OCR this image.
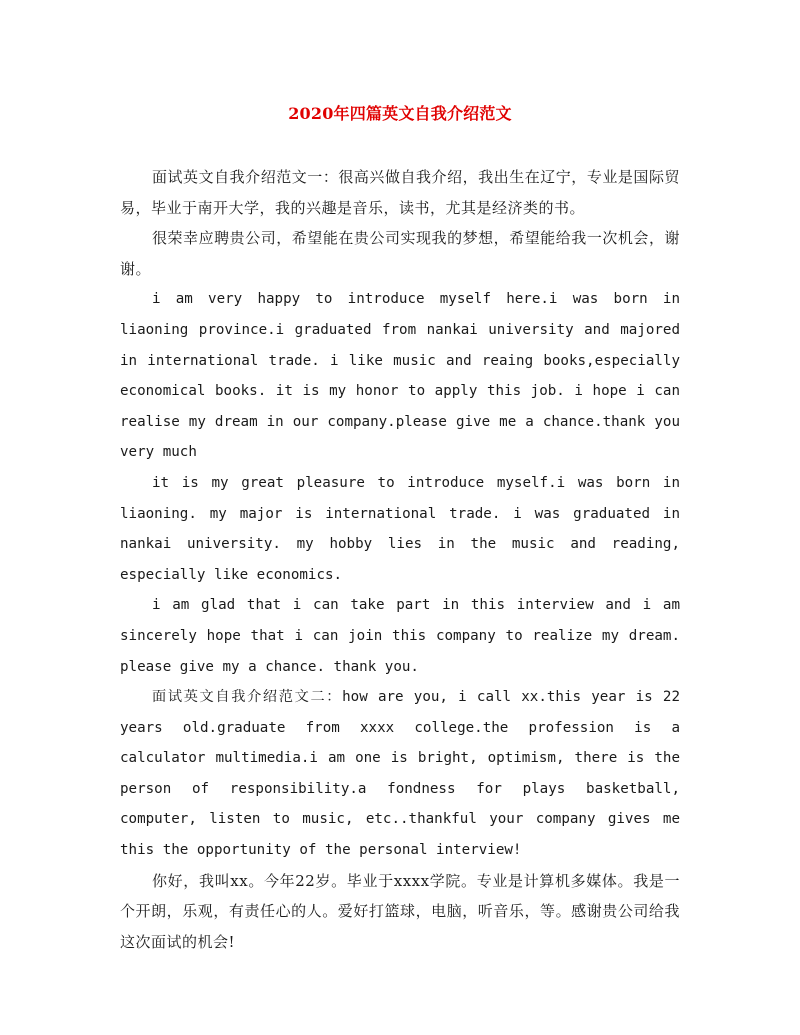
2020年四篇英文自我介绍范文

面试英文自我介绍范文一：很高兴做自我介绍，我出生在辽宁，专业是国际贸易，毕业于南开大学，我的兴趣是音乐，读书，尤其是经济类的书。

很荣幸应聘贵公司，希望能在贵公司实现我的梦想，希望能给我一次机会，谢谢。

i am very happy to introduce myself here.i was born in liaoning province.i graduated from nankai university and majored in international trade. i like music and reaing books,especially economical books. it is my honor to apply this job. i hope i can realise my dream in our company.please give me a chance.thank you very much

it is my great pleasure to introduce myself.i was born in liaoning. my major is international trade. i was graduated in nankai university. my hobby lies in the music and reading, especially like economics.

i am glad that i can take part in this interview and i am sincerely hope that i can join this company to realize my dream. please give my a chance. thank you.

面试英文自我介绍范文二：how are you, i call xx.this year is 22 years old.graduate from xxxx college.the profession is a calculator multimedia.i am one is bright, optimism, there is the person of responsibility.a fondness for plays basketball, computer, listen to music, etc..thankful your company gives me this the opportunity of the personal interview!

你好，我叫xx。今年22岁。毕业于xxxx学院。专业是计算机多媒体。我是一个开朗，乐观，有责任心的人。爱好打篮球，电脑，听音乐，等。感谢贵公司给我这次面试的机会!
